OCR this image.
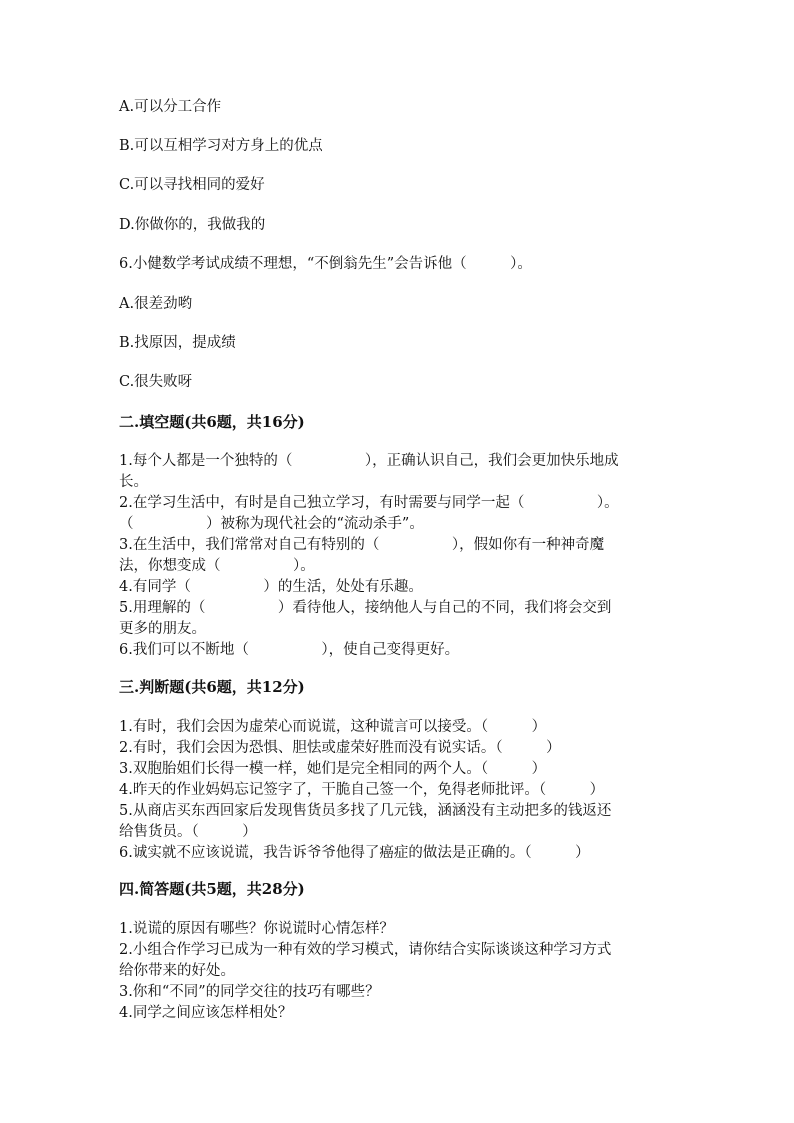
A.可以分工合作
B.可以互相学习对方身上的优点
C.可以寻找相同的爱好
D.你做你的，我做我的
6.小健数学考试成绩不理想，“不倒翁先生”会告诉他（　　　）。
A.很差劲哟
B.找原因，提成绩
C.很失败呀
二.填空题(共6题，共16分)
1.每个人都是一个独特的（　　　　　），正确认识自己，我们会更加快乐地成
长。
2.在学习生活中，有时是自己独立学习，有时需要与同学一起（　　　　　）。
（　　　　　）被称为现代社会的“流动杀手”。
3.在生活中，我们常常对自己有特别的（　　　　　），假如你有一种神奇魔
法，你想变成（　　　　　）。
4.有同学（　　　　　）的生活，处处有乐趣。
5.用理解的（　　　　　）看待他人，接纳他人与自己的不同，我们将会交到
更多的朋友。
6.我们可以不断地（　　　　　），使自己变得更好。
三.判断题(共6题，共12分)
1.有时，我们会因为虚荣心而说谎，这种谎言可以接受。（　　　）
2.有时，我们会因为恐惧、胆怯或虚荣好胜而没有说实话。（　　　）
3.双胞胎姐们长得一模一样，她们是完全相同的两个人。（　　　）
4.昨天的作业妈妈忘记签字了，干脆自己签一个，免得老师批评。（　　　）
5.从商店买东西回家后发现售货员多找了几元钱，涵涵没有主动把多的钱返还
给售货员。（　　　）
6.诚实就不应该说谎，我告诉爷爷他得了癌症的做法是正确的。（　　　）
四.简答题(共5题，共28分)
1.说谎的原因有哪些？你说谎时心情怎样？
2.小组合作学习已成为一种有效的学习模式，请你结合实际谈谈这种学习方式
给你带来的好处。
3.你和“不同”的同学交往的技巧有哪些？
4.同学之间应该怎样相处？
